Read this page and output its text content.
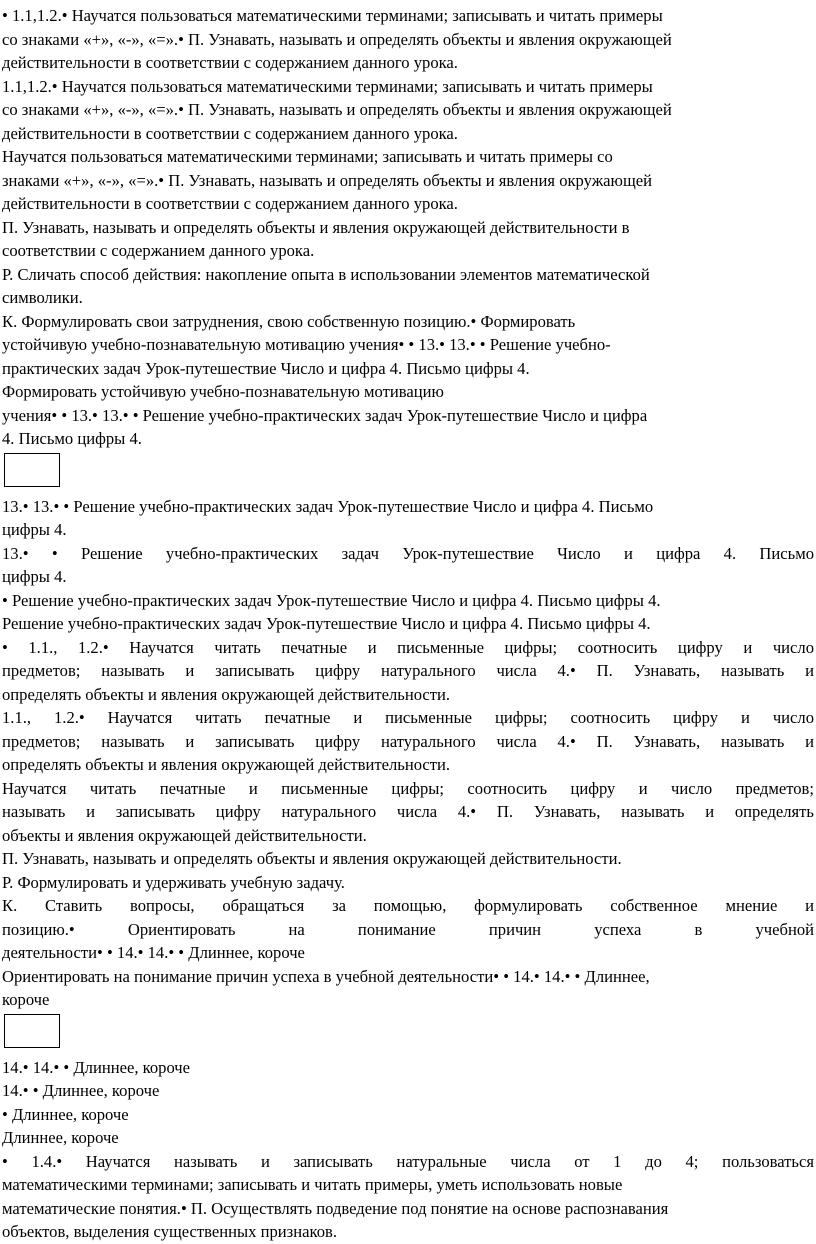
• 1.1,1.2.• Научатся пользоваться математическими терминами; записывать и читать примеры
со знаками «+», «-», «=».• П. Узнавать, называть и определять объекты и явления окружающей
действительности в соответствии с содержанием данного урока.
1.1,1.2.• Научатся пользоваться математическими терминами; записывать и читать примеры
со знаками «+», «-», «=».• П. Узнавать, называть и определять объекты и явления окружающей
действительности в соответствии с содержанием данного урока.
Научатся пользоваться математическими терминами; записывать и читать примеры со
знаками «+», «-», «=».• П. Узнавать, называть и определять объекты и явления окружающей
действительности в соответствии с содержанием данного урока.
П. Узнавать, называть и определять объекты и явления окружающей действительности в
соответствии с содержанием данного урока.
Р. Сличать способ действия: накопление опыта в использовании элементов математической
символики.
К. Формулировать свои затруднения, свою собственную позицию.• Формировать
устойчивую учебно-познавательную мотивацию учения• • 13.• 13.• • Решение учебно-
практических задач Урок-путешествие Число и цифра 4. Письмо цифры 4.
Формировать устойчивую учебно-познавательную мотивацию
учения• • 13.• 13.• • Решение учебно-практических задач Урок-путешествие Число и цифра
4. Письмо цифры 4.
13.• 13.• • Решение учебно-практических задач Урок-путешествие Число и цифра 4. Письмо
цифры 4.
13.• • Решение учебно-практических задач Урок-путешествие Число и цифра 4. Письмо
цифры 4.
• Решение учебно-практических задач Урок-путешествие Число и цифра 4. Письмо цифры 4.
Решение учебно-практических задач Урок-путешествие Число и цифра 4. Письмо цифры 4.
• 1.1., 1.2.• Научатся читать печатные и письменные цифры; соотносить цифру и число
предметов; называть и записывать цифру натурального числа 4.• П. Узнавать, называть и
определять объекты и явления окружающей действительности.
1.1., 1.2.• Научатся читать печатные и письменные цифры; соотносить цифру и число
предметов; называть и записывать цифру натурального числа 4.• П. Узнавать, называть и
определять объекты и явления окружающей действительности.
Научатся читать печатные и письменные цифры; соотносить цифру и число предметов;
называть и записывать цифру натурального числа 4.• П. Узнавать, называть и определять
объекты и явления окружающей действительности.
П. Узнавать, называть и определять объекты и явления окружающей действительности.
Р. Формулировать и удерживать учебную задачу.
К. Ставить вопросы, обращаться за помощью, формулировать собственное мнение и
позицию.• Ориентировать на понимание причин успеха в учебной
деятельности• • 14.• 14.• • Длиннее, короче
Ориентировать на понимание причин успеха в учебной деятельности• • 14.• 14.• • Длиннее,
короче
14.• 14.• • Длиннее, короче
14.• • Длиннее, короче
• Длиннее, короче
Длиннее, короче
• 1.4.• Научатся называть и записывать натуральные числа от 1 до 4; пользоваться
математическими терминами; записывать и читать примеры, уметь использовать новые
математические понятия.• П. Осуществлять подведение под понятие на основе распознавания
объектов, выделения существенных признаков.
